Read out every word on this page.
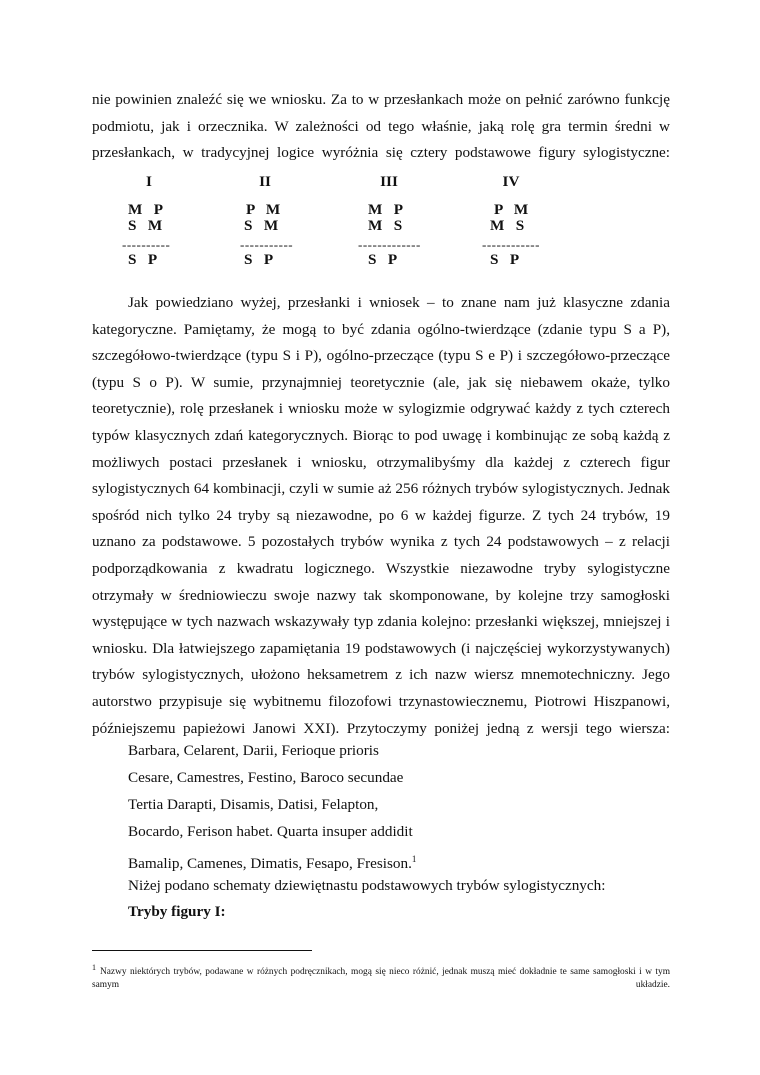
nie powinien znaleźć się we wniosku. Za to w przesłankach może on pełnić zarówno funkcję podmiotu, jak i orzecznika. W zależności od tego właśnie, jaką rolę gra termin średni w przesłankach, w tradycyjnej logice wyróżnia się cztery podstawowe figury sylogistyczne:

I
M   P
S   M
----------
S   P
II
P   M
S   M
-----------
S   P
III
M   P
M   S
-------------
S   P
IV
P   M
M   S
------------
S   P

Jak powiedziano wyżej, przesłanki i wniosek – to znane nam już klasyczne zdania kategoryczne. Pamiętamy, że mogą to być zdania ogólno-twierdzące (zdanie typu S a P), szczegółowo-twierdzące (typu S i P), ogólno-przeczące (typu S e P) i szczegółowo-przeczące (typu S o P). W sumie, przynajmniej teoretycznie (ale, jak się niebawem okaże, tylko teoretycznie), rolę przesłanek i wniosku może w sylogizmie odgrywać każdy z tych czterech typów klasycznych zdań kategorycznych. Biorąc to pod uwagę i kombinując ze sobą każdą z możliwych postaci przesłanek i wniosku, otrzymalibyśmy dla każdej z czterech figur sylogistycznych 64 kombinacji, czyli w sumie aż 256 różnych trybów sylogistycznych. Jednak spośród nich tylko 24 tryby są niezawodne, po 6 w każdej figurze. Z tych 24 trybów, 19 uznano za podstawowe. 5 pozostałych trybów wynika z tych 24 podstawowych – z relacji podporządkowania z kwadratu logicznego. Wszystkie niezawodne tryby sylogistyczne otrzymały w średniowieczu swoje nazwy tak skomponowane, by kolejne trzy samogłoski występujące w tych nazwach wskazywały typ zdania kolejno: przesłanki większej, mniejszej i wniosku. Dla łatwiejszego zapamiętania 19 podstawowych (i najczęściej wykorzystywanych) trybów sylogistycznych, ułożono heksametrem z ich nazw wiersz mnemotechniczny. Jego autorstwo przypisuje się wybitnemu filozofowi trzynastowiecznemu, Piotrowi Hiszpanowi, późniejszemu papieżowi Janowi XXI). Przytoczymy poniżej jedną z wersji tego wiersza:

Barbara, Celarent, Darii, Ferioque prioris

Cesare, Camestres, Festino, Baroco secundae

Tertia Darapti, Disamis, Datisi, Felapton,

Bocardo, Ferison habet. Quarta insuper addidit

Bamalip, Camenes, Dimatis, Fesapo, Fresison.$^1$

Niżej podano schematy dziewiętnastu podstawowych trybów sylogistycznych:

Tryby figury I:

$^1$ Nazwy niektórych trybów, podawane w różnych podręcznikach, mogą się nieco różnić, jednak muszą mieć dokładnie te same samogłoski i w tym samym układzie.
